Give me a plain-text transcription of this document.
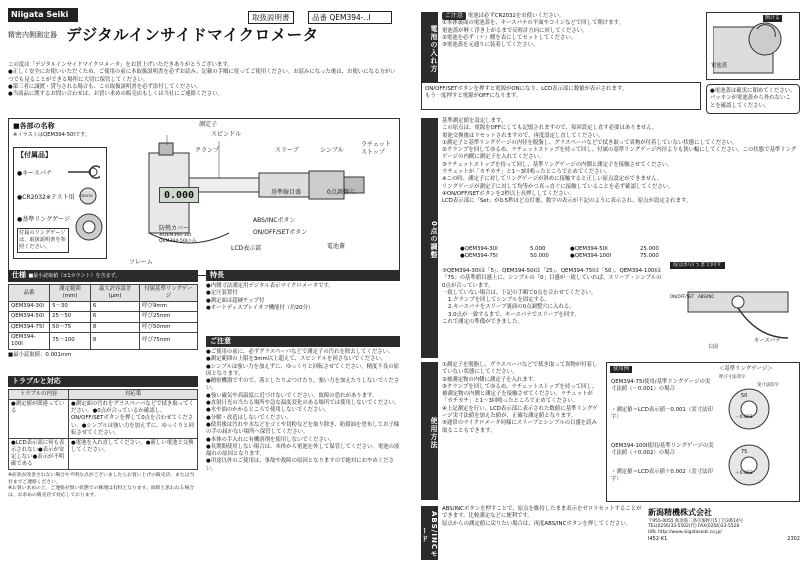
Niigata Seiki	取扱説明書	品番 QEM394-‥I
精密内側測定器 デジタルインサイドマイクロメータ
この度は「デジタルインサイドマイクロメータ」をお買上げいただきありがとうございます。
●正しく安全にお使いいただくため、ご使用の前に本取扱説明書を必ずお読み、記載の手順に従ってご使用ください。お読みになった後は、お使いになる方がいつでも見ることができる場所に大切に保管してください。
●第三者に譲渡・貸与される場合も、この取扱説明書を必ず添付してください。
●当商品に関するお問い合わせは、お買い求めの販売店もしくは当社にご連絡ください。
■各部の名称
※イラストはQEM394-50Iです。
【付属品】
●キースパナ
●CR2032※テスト用
●基準リングゲージ
付属のリングゲージは、取扱説明書を参照ください。
CR2032	0.000
測定子
スピンドル
クランプ	スリーブ	シンブル
ラチェットストップ
基準線目盛	0点調整穴
ABS/INCボタン
ON/OFF/SETボタン
防熱カバー
※QEM394-30I
QEM394-50Iのみ
LCD表示部
フレーム
電池蓋
仕様 ■最小読取値（±1カウント）を含まず。
品番	測定範囲(mm)	最大許容誤差(μm)	付属基準リングゲージ
QEM394-30I	5～30	6	呼び9mm
QEM394-50I	25～50	6	呼び25mm
QEM394-75I	50～75	8	呼び50mm
QEM394-100I	75～100	8	呼び75mm
■最小読取値：0.001mm
トラブルと対応
トラブルの内容	対応策
●測定値が間違っている	●測定面の汚れをグラスペーパなどで拭き取ってください。●0点が合っているか確認し、ON/OFF/SETボタンを押して0点を合わせてください。●シンブルは強い力を加えずに、ゆっくりと回転させてください。
●LCD表示部に何も表示されない●表示が安定しない●表示が不明確である	●電池を入れ直してください。●新しい電池と交換してください。
※症状が改善されない場合や不明な点がございましたらお買い上げの販売店、または当社までご連絡ください。
※お買い求めの上、ご連絡が無い状態での修理は有料となります。故障と思われる場合は、お求めの販売店で対応しております。
特長
●内側寸法測定用デジタル表示マイクロメータです。
●定圧装置付
●測定面は超硬チップ付
●オートディスプレイオフ機能付（約20分）
ご注意
●ご使用の前に、必ずグラスペーパなどで測定子の汚れを除去してください。
●測定範囲の上限を3mm以上超えて、スピンドルを回さないでください。
●シンブルは強い力を加えずに、ゆっくりと回転させてください。精度不良の原因となります。
●精密機器ですので、落としたりぶつけたり、強い力を加えたりしないでください。
●強い磁気や高温度に近づけないでください。故障の恐れがあります。
●直射日光の当たる場所や急な温度変化のある場所では使用しないでください。
●水や油のかかるところで使用しないでください。
●分解・改造はしないでください。
●使用後は汚れや水などをゴミや切粉などを取り除き、防錆油を塗布してお子様の手の届かない場所へ保管してください。
●本体の手入れに有機溶剤を使用しないでください。
●長期間使用しない場合は、本体から電池を外して保管してください。電池の液漏れの原因となります。
●用途以外のご使用は、事故や故障の原因となりますので絶対におやめください。
電池の入れ方
ご注意 電池は必ずCR2032をお使いください。
①本体裏面の電池蓋を、キースパナの平面やコインなどで回して開けます。
電池蓋が軽く浮き上がるまで反時計方向に回してください。
②電池を必ず（＋）側を表にしてセットしてください。
③電池蓋を元通りに装着してください。
開ける
電池蓋
ON/OFF/SETボタンを押すと電源がONになり、LCD表示部に数値が表示されます。
もう一度押すと電源がOFFになります。
●電池蓋は確実に閉めてください。
パッキンが電池蓋から外れないことを確認してください。
0点の調整
基準測定値を設定します。
この原点は、電源をOFFにしても記憶されますので、毎回設定し直す必要はありません。
電池交換後はリセットされますので、再度設定し直してください。
①測定子と基準リングゲージの内径を脱脂し、グラスペーパなどで拭き取って異物が付着していない状態にしてください。
②クランプを回してゆるめ、ラチェットストップを持って回し、付属の基準リングゲージ内径よりも狭い幅にしてください。この状態で基準リングゲージの内側に測定子を入れてください。
③ラチェットストップを持って回し、基準リングゲージの内側と測定子を接触させてください。
ラチェットが「カチカチ」と1～3回鳴ったところで止めてください。
※この時、測定子に対してリングゲージが斜めに接触すると正しい原点設定ができません。
リングゲージが測定子に対して均等かつ真っ直ぐに接触していることを必ず確認してください。
④ON/OFF/SETボタンを2秒以上長押ししてください。
LCD表示部に「Set」が0.5秒ほど点灯後、数字の表示が下記のように表示され、原点が設定されます。
●QEM394-30I	5.000	●QEM394-50I	25.000
●QEM394-75I	50.000	●QEM394-100I	75.000
⑤QEM394-30Iは「5」、QEM394-50Iは「25」、QEM394-75Iは「50」、QEM394-100Iは「75」の基準値目盛上に、シンブルの「0」目盛が一致していれば、スリーブ・シンブルの0点が合っています。
一致していない場合は、下記の手順で0点を合わせてください。
1.クランプを回してシンブルを固定する。
2.キースパナをスリーブ裏面の0点調整穴に入れる。
3.0点が一致するまで、キースパナでスリーブを回す。
これで測定の準備ができました。
原点が合うまで回す
ON/OFF/SET ABS/INC
キースパナ
右図
使用方法
①測定子を脱脂し、グラスペーパなどで拭き取って異物が付着していない状態にしてください。
②被測定物の内側に測定子を入れます。
③クランプを回してゆるめ、ラチェットストップを持って回し、被測定物の内側と測定子を接触させてください。ラチェットが「カチカチ」と1～3回鳴ったところで止めてください。
④上記測定を行い、LCD表示部に表示された数値に基準リングゲージ実寸法値を加えた値が、正確な測定値となります。
⑤通常のマイクロメータ同様にスリーブとシンブルの目盛を読み取ることもできます。
使用例	＜基準リングゲージ＞
呼び寸法印字
実寸法印字
QEM394-75I使用/基準リングゲージの実寸法値（－0.001）の場合
・測定値＝LCD表示値－0.001（実寸法印字）
50
－0.001
QEM394-100I使用/基準リングゲージの実寸法値（＋0.002）の場合
・測定値＝LCD表示値＋0.002（実寸法印字）
75
＋0.002
ABS/INCモード
ABS/INCボタンを押すことで、原点を維持したまま表示をゼロリセットすることができます。比較測定などに便利です。
原点からの測定値に戻りたい場合は、再度ABS/INCボタンを押してください。
新潟精機株式会社
〒955-0055 新潟県三条市塚野目5丁目3番14号
TEL(0256)33-5502(代) FAX(0256)33-5528
URL http://www.niigataseiki.co.jp/
I452-K1	2302
